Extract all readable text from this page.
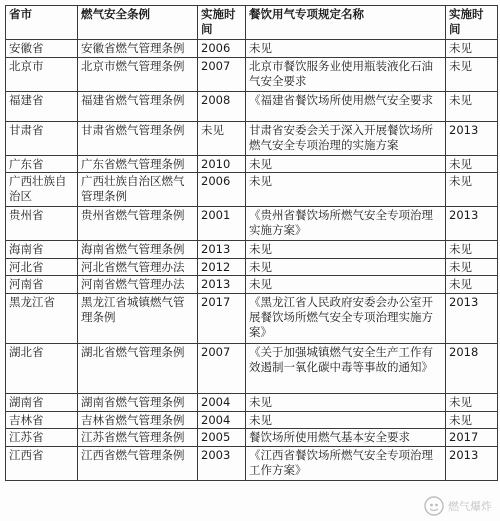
省市	燃气安全条例	实施时间	餐饮用气专项规定名称	实施时间
安徽省	安徽省燃气管理条例	2006	未见	未见
北京市	北京市燃气管理条例	2007	北京市餐饮服务业使用瓶装液化石油气安全要求	未见
福建省	福建省燃气管理条例	2008	《福建省餐饮场所使用燃气安全要求	未见
甘肃省	甘肃省燃气管理条例	未见	甘肃省安委会关于深入开展餐饮场所燃气安全专项治理的实施方案	2013
广东省	广东省燃气管理条例	2010	未见	未见
广西壮族自治区	广西壮族自治区燃气管理条例	2006	未见	未见
贵州省	贵州省燃气管理条例	2001	《贵州省餐饮场所燃气安全专项治理实施方案》	2013
海南省	海南省燃气管理条例	2013	未见	未见
河北省	河北省燃气管理办法	2012	未见	未见
河南省	河南省燃气管理办法	2013	未见	未见
黑龙江省	黑龙江省城镇燃气管理条例	2017	《黑龙江省人民政府安委会办公室开展餐饮场所燃气安全专项治理实施方案》	2013
湖北省	湖北省燃气管理条例	2007	《关于加强城镇燃气安全生产工作有效遏制一氧化碳中毒等事故的通知》	2018
湖南省	湖南省燃气管理条例	2004	未见	未见
吉林省	吉林省燃气管理条例	2004	未见	未见
江苏省	江苏省燃气管理条例	2005	餐饮场所使用燃气基本安全要求	2017
江西省	江西省燃气管理条例	2003	《江西省餐饮场所燃气安全专项治理工作方案》	2013
燃气爆炸
